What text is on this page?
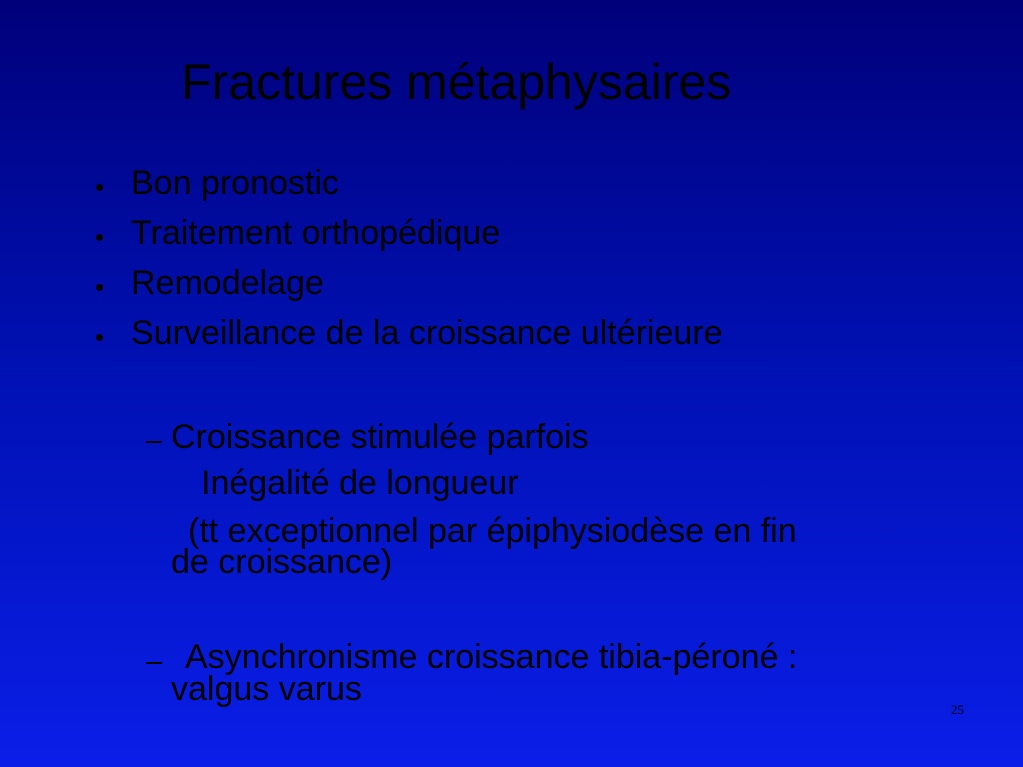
Fractures métaphysaires
Bon pronostic
Traitement orthopédique
Remodelage
Surveillance de la croissance ultérieure
Croissance stimulée parfois
Inégalité de longueur
(tt exceptionnel par épiphysiodèse en fin
de croissance)
Asynchronisme croissance tibia-péroné :
valgus varus
25
